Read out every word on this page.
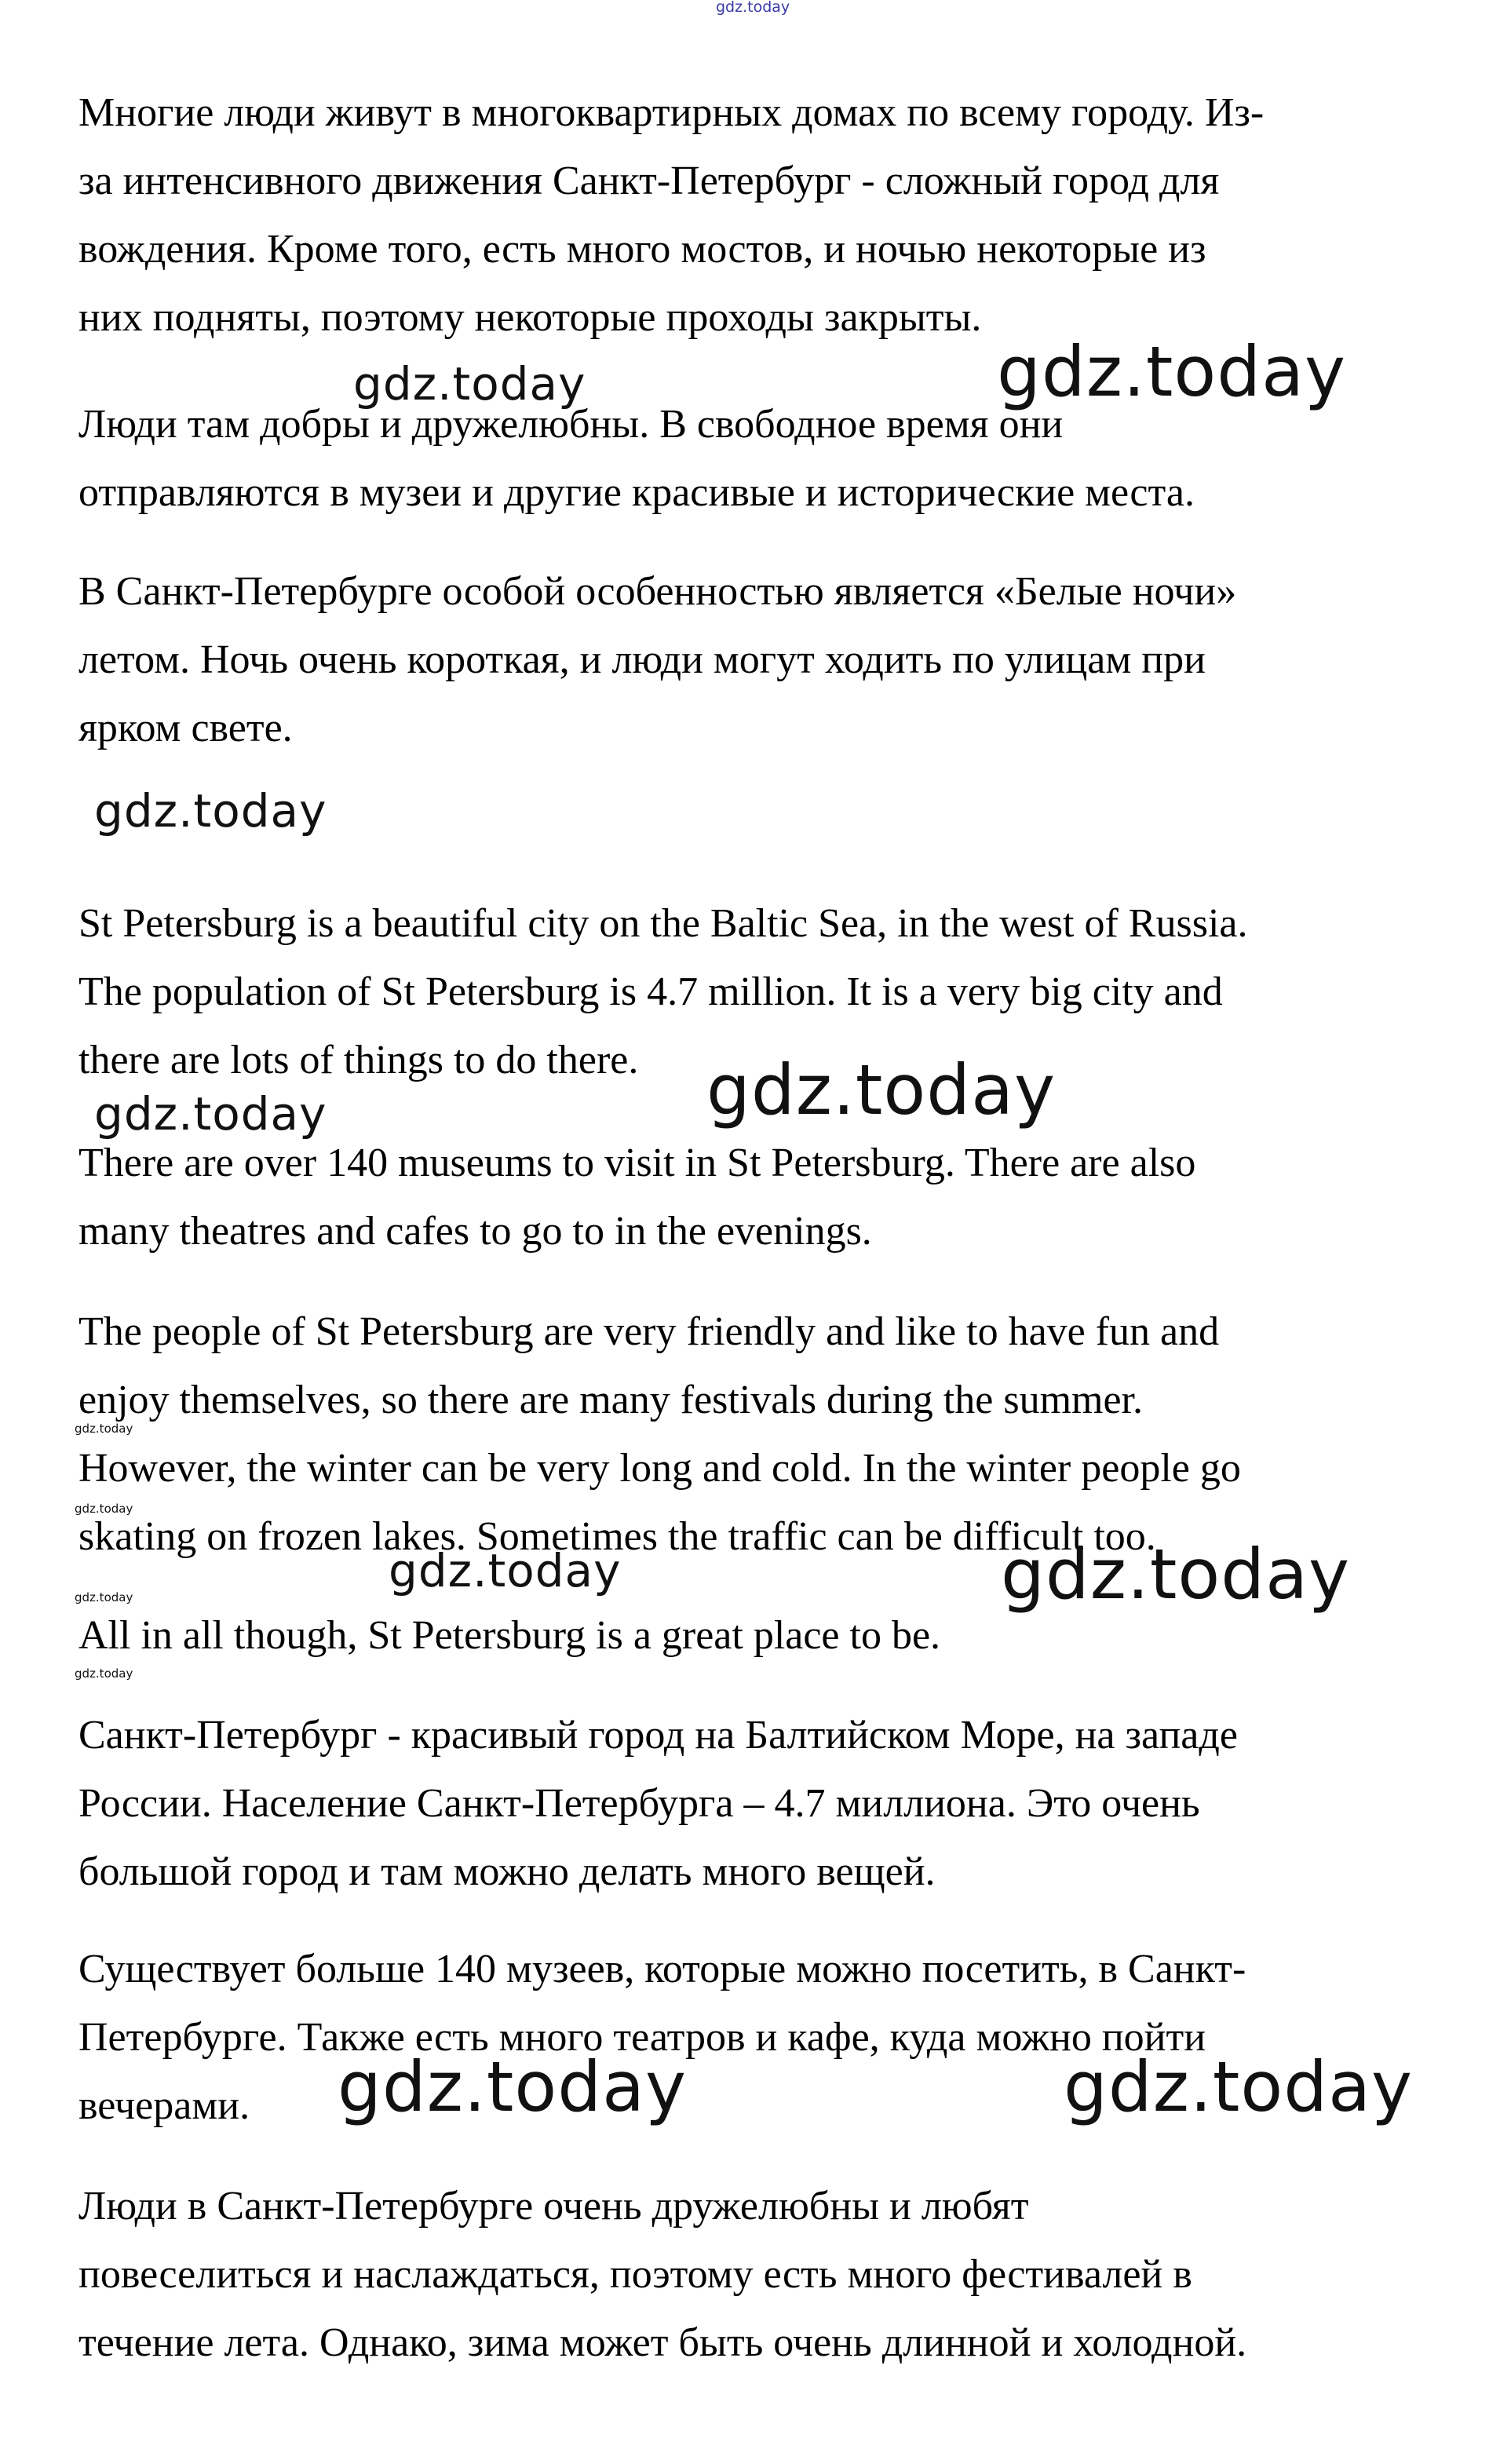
gdz.today

Многие люди живут в многоквартирных домах по всему городу. Из-
за интенсивного движения Санкт-Петербург - сложный город для
вождения. Кроме того, есть много мостов, и ночью некоторые из
них подняты, поэтому некоторые проходы закрыты.

Люди там добры и дружелюбны. В свободное время они
отправляются в музеи и другие красивые и исторические места.

В Санкт-Петербурге особой особенностью является «Белые ночи»
летом. Ночь очень короткая, и люди могут ходить по улицам при
ярком свете.

St Petersburg is a beautiful city on the Baltic Sea, in the west of Russia.
The population of St Petersburg is 4.7 million. It is a very big city and
there are lots of things to do there.

There are over 140 museums to visit in St Petersburg. There are also
many theatres and cafes to go to in the evenings.

The people of St Petersburg are very friendly and like to have fun and
enjoy themselves, so there are many festivals during the summer.
However, the winter can be very long and cold. In the winter people go
skating on frozen lakes. Sometimes the traffic can be difficult too.

All in all though, St Petersburg is a great place to be.

Санкт-Петербург - красивый город на Балтийском Море, на западе
России. Население Санкт-Петербурга – 4.7 миллиона. Это очень
большой город и там можно делать много вещей.

Существует больше 140 музеев, которые можно посетить, в Санкт-
Петербурге. Также есть много театров и кафе, куда можно пойти
вечерами.

Люди в Санкт-Петербурге очень дружелюбны и любят
повеселиться и наслаждаться, поэтому есть много фестивалей в
течение лета. Однако, зима может быть очень длинной и холодной.

gdz.today	gdz.today
gdz.today
gdz.today
gdz.today
gdz.today
gdz.today
gdz.today	gdz.today
gdz.today
gdz.today
gdz.today	gdz.today
